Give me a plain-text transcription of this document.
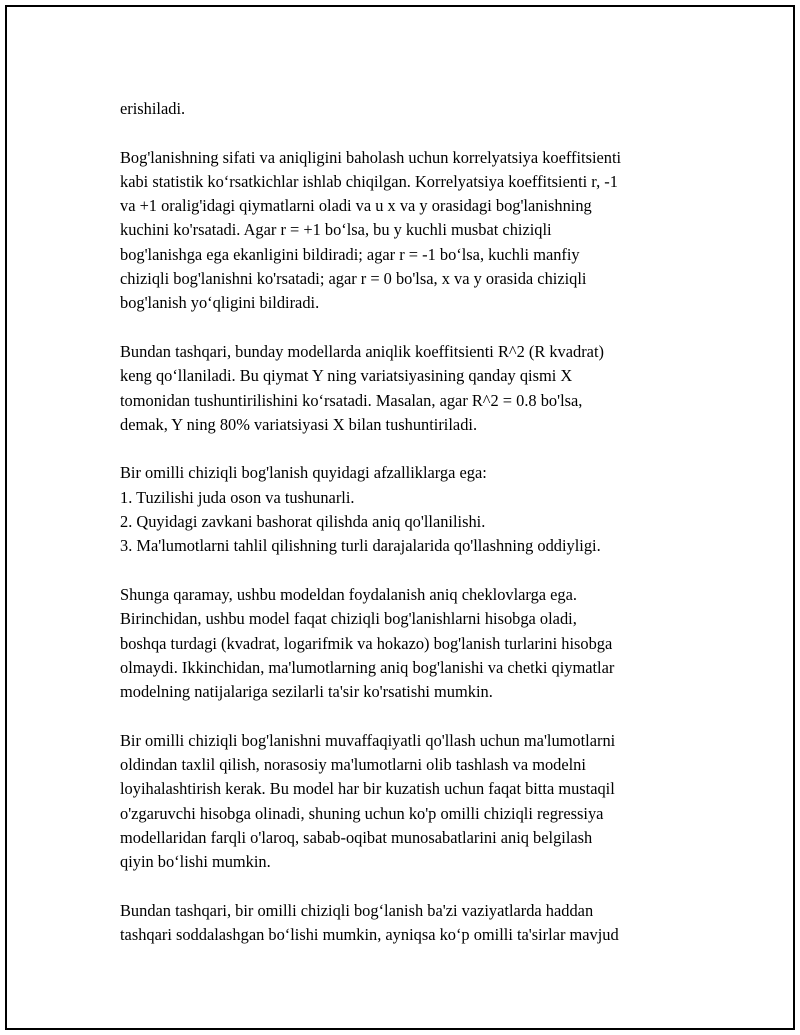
erishiladi.

Bog'lanishning sifati va aniqligini baholash uchun korrelyatsiya koeffitsienti
kabi statistik ko‘rsatkichlar ishlab chiqilgan. Korrelyatsiya koeffitsienti r, -1
va +1 oralig'idagi qiymatlarni oladi va u x va y orasidagi bog'lanishning
kuchini ko'rsatadi. Agar r = +1 bo‘lsa, bu y kuchli musbat chiziqli
bog'lanishga ega ekanligini bildiradi; agar r = -1 bo‘lsa, kuchli manfiy
chiziqli bog'lanishni ko'rsatadi; agar r = 0 bo'lsa, x va y orasida chiziqli
bog'lanish yo‘qligini bildiradi.

Bundan tashqari, bunday modellarda aniqlik koeffitsienti R^2 (R kvadrat)
keng qo‘llaniladi. Bu qiymat Y ning variatsiyasining qanday qismi X
tomonidan tushuntirilishini ko‘rsatadi. Masalan, agar R^2 = 0.8 bo'lsa,
demak, Y ning 80% variatsiyasi X bilan tushuntiriladi.

Bir omilli chiziqli bog'lanish quyidagi afzalliklarga ega:
1. Tuzilishi juda oson va tushunarli.
2. Quyidagi zavkani bashorat qilishda aniq qo'llanilishi.
3. Ma'lumotlarni tahlil qilishning turli darajalarida qo'llashning oddiyligi.

Shunga qaramay, ushbu modeldan foydalanish aniq cheklovlarga ega.
Birinchidan, ushbu model faqat chiziqli bog'lanishlarni hisobga oladi,
boshqa turdagi (kvadrat, logarifmik va hokazo) bog'lanish turlarini hisobga
olmaydi. Ikkinchidan, ma'lumotlarning aniq bog'lanishi va chetki qiymatlar
modelning natijalariga sezilarli ta'sir ko'rsatishi mumkin.

Bir omilli chiziqli bog'lanishni muvaffaqiyatli qo'llash uchun ma'lumotlarni
oldindan taxlil qilish, norasosiy ma'lumotlarni olib tashlash va modelni
loyihalashtirish kerak. Bu model har bir kuzatish uchun faqat bitta mustaqil
o'zgaruvchi hisobga olinadi, shuning uchun ko'p omilli chiziqli regressiya
modellaridan farqli o'laroq, sabab-oqibat munosabatlarini aniq belgilash
qiyin bo‘lishi mumkin.

Bundan tashqari, bir omilli chiziqli bog‘lanish ba'zi vaziyatlarda haddan
tashqari soddalashgan bo‘lishi mumkin, ayniqsa ko‘p omilli ta'sirlar mavjud
